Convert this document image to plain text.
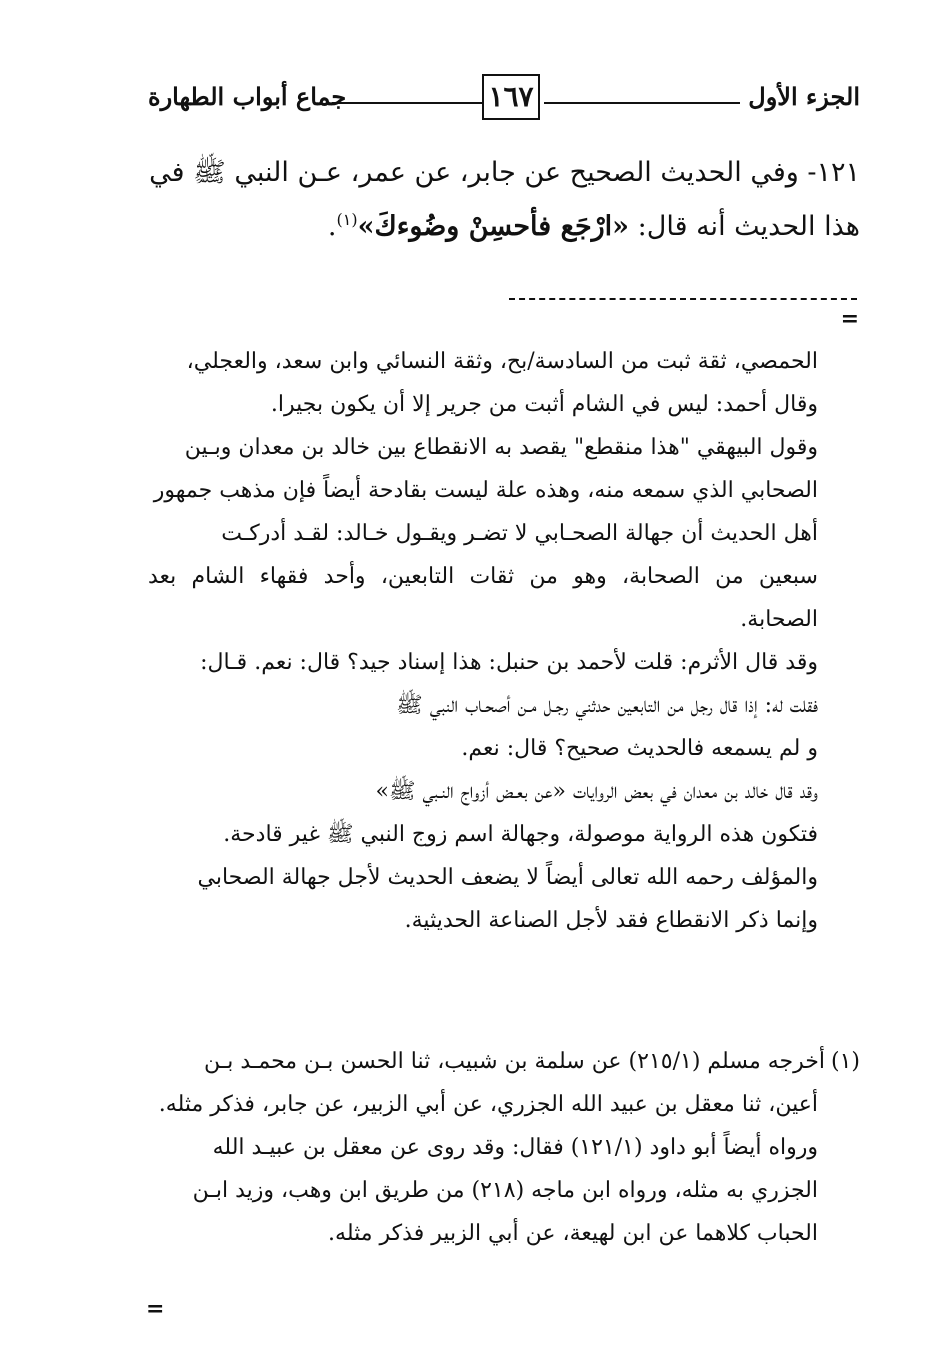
الجزء الأول
١٦٧
جماع أبواب الطهارة

١٢١- وفي الحديث الصحيح عن جابر، عن عمر، عـن النبي ﷺ في

هذا الحديث أنه قال: «ارْجَع فأحسِنْ وضُوءكَ»$^{(١)}$.

=

الحمصي، ثقة ثبت من السادسة/بح، وثقة النسائي وابن سعد، والعجلي،

وقال أحمد: ليس في الشام أثبت من جرير إلا أن يكون بجيرا.

وقول البيهقي "هذا منقطع" يقصد به الانقطاع بين خالد بن معدان وبـين

الصحابي الذي سمعه منه، وهذه علة ليست بقادحة أيضاً فإن مذهب جمهور

أهل الحديث أن جهالة الصحـابي لا تضـر ويقـول خـالد: لقـد أدركـت

سبعين من الصحابة، وهو من ثقات التابعين، وأحد فقهاء الشام بعد الصحابة.

وقد قال الأثرم: قلت لأحمد بن حنبل: هذا إسناد جيد؟ قال: نعم. قـال:

فقلت له: إذا قال رجل من التابعين حدثني رجـل مـن أصحـاب النبي ﷺ

و لم يسمعه فالحديث صحيح؟ قال: نعم.

وقد قال خالد بن معدان في بعض الروايات «عن بعـض أزواج النـبي ﷺ»

فتكون هذه الرواية موصولة، وجهالة اسم زوج النبي ﷺ غير قادحة.

والمؤلف رحمه الله تعالى أيضاً لا يضعف الحديث لأجل جهالة الصحابي

وإنما ذكر الانقطاع فقد لأجل الصناعة الحديثية.

(١)أخرجه مسلم (٢١٥/١) عن سلمة بن شبيب، ثنا الحسن بـن محمـد بـن

أعين، ثنا معقل بن عبيد الله الجزري، عن أبي الزبير، عن جابر، فذكر مثله.

ورواه أيضاً أبو داود (١٢١/١) فقال: وقد روى عن معقل بن عبيـد الله

الجزري به مثله، ورواه ابن ماجه (٢١٨) من طريق ابن وهب، وزيد ابـن

الحباب كلاهما عن ابن لهيعة، عن أبي الزبير فذكر مثله.

=
